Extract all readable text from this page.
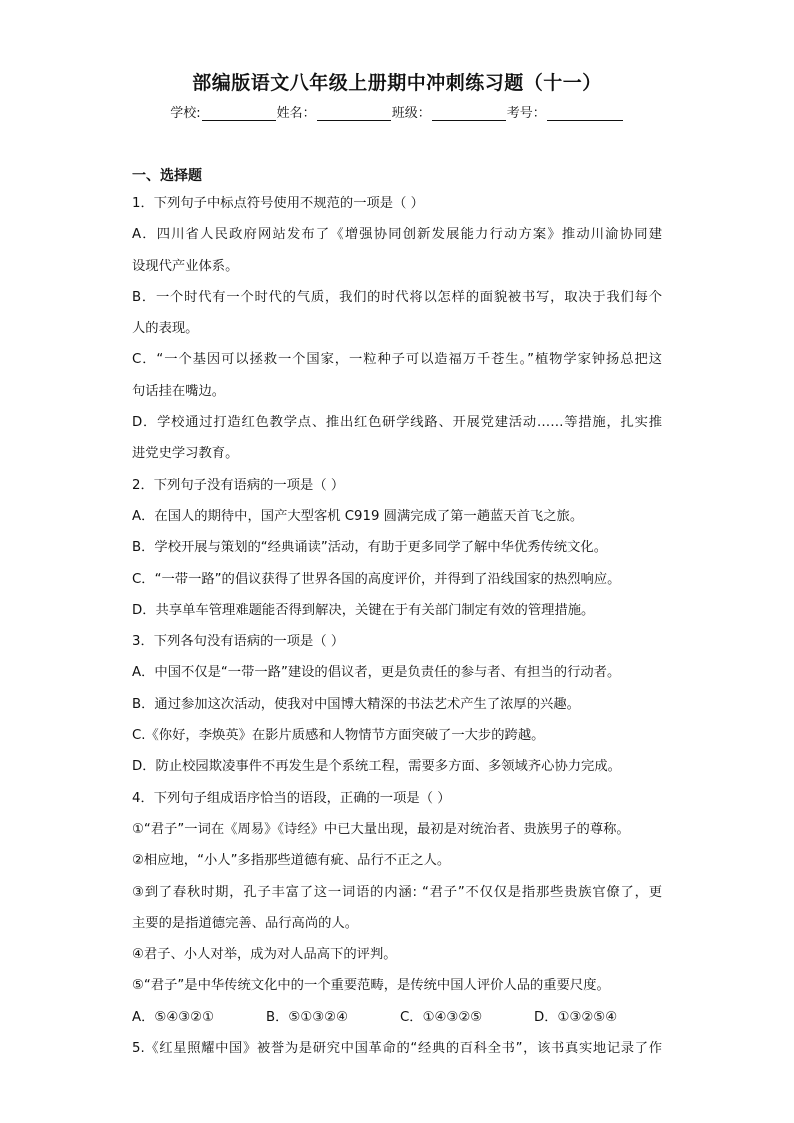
部编版语文八年级上册期中冲刺练习题（十一）
学校:	姓名：	班级：	考号：
一、选择题
1．下列句子中标点符号使用不规范的一项是（ ）
A．四川省人民政府网站发布了《增强协同创新发展能力行动方案》推动川渝协同建
设现代产业体系。
B．一个时代有一个时代的气质，我们的时代将以怎样的面貌被书写，取决于我们每个
人的表现。
C．“一个基因可以拯救一个国家，一粒种子可以造福万千苍生。”植物学家钟扬总把这
句话挂在嘴边。
D．学校通过打造红色教学点、推出红色研学线路、开展党建活动……等措施，扎实推
进党史学习教育。
2．下列句子没有语病的一项是（ ）
A．在国人的期待中，国产大型客机 C919 圆满完成了第一趟蓝天首飞之旅。
B．学校开展与策划的“经典诵读”活动，有助于更多同学了解中华优秀传统文化。
C．“一带一路”的倡议获得了世界各国的高度评价，并得到了沿线国家的热烈响应。
D．共享单车管理难题能否得到解决，关键在于有关部门制定有效的管理措施。
3．下列各句没有语病的一项是（ ）
A．中国不仅是“一带一路”建设的倡议者，更是负责任的参与者、有担当的行动者。
B．通过参加这次活动，使我对中国博大精深的书法艺术产生了浓厚的兴趣。
C.《你好，李焕英》在影片质感和人物情节方面突破了一大步的跨越。
D．防止校园欺凌事件不再发生是个系统工程，需要多方面、多领域齐心协力完成。
4．下列句子组成语序恰当的语段，正确的一项是（ ）
①“君子”一词在《周易》《诗经》中已大量出现，最初是对统治者、贵族男子的尊称。
②相应地，“小人”多指那些道德有疵、品行不正之人。
③到了春秋时期，孔子丰富了这一词语的内涵: “君子”不仅仅是指那些贵族官僚了，更
主要的是指道德完善、品行高尚的人。
④君子、小人对举，成为对人品高下的评判。
⑤“君子”是中华传统文化中的一个重要范畴，是传统中国人评价人品的重要尺度。
A．⑤④③②①	B．⑤①③②④	C．①④③②⑤	D．①③②⑤④
5.《红星照耀中国》被誉为是研究中国革命的“经典的百科全书”，该书真实地记录了作
